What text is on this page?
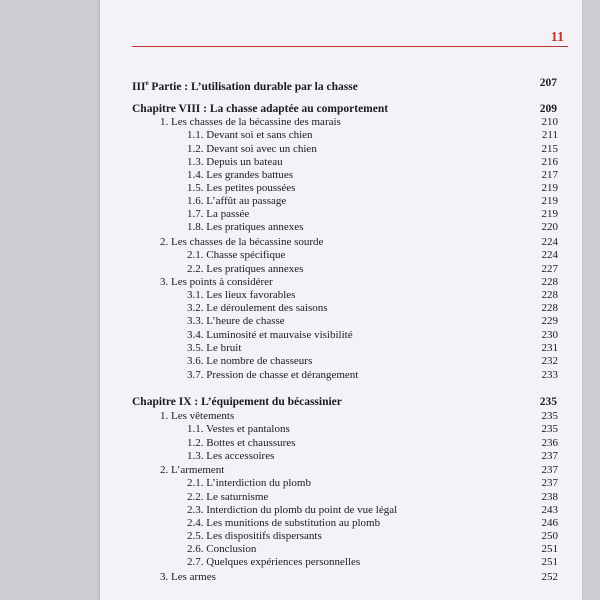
11
IIIe Partie : L’utilisation durable par la chasse	207
Chapitre VIII : La chasse adaptée au comportement	209
1. Les chasses de la bécassine des marais	210
1.1. Devant soi et sans chien	211
1.2. Devant soi avec un chien	215
1.3. Depuis un bateau	216
1.4. Les grandes battues	217
1.5. Les petites poussées	219
1.6. L’affût au passage	219
1.7. La passée	219
1.8. Les pratiques annexes	220
2. Les chasses de la bécassine sourde	224
2.1. Chasse spécifique	224
2.2. Les pratiques annexes	227
3. Les points à considérer	228
3.1. Les lieux favorables	228
3.2. Le déroulement des saisons	228
3.3. L’heure de chasse	229
3.4. Luminosité et mauvaise visibilité	230
3.5. Le bruit	231
3.6. Le nombre de chasseurs	232
3.7. Pression de chasse et dérangement	233
Chapitre IX : L’équipement du bécassinier	235
1. Les vêtements	235
1.1. Vestes et pantalons	235
1.2. Bottes et chaussures	236
1.3. Les accessoires	237
2. L’armement	237
2.1. L’interdiction du plomb	237
2.2. Le saturnisme	238
2.3. Interdiction du plomb du point de vue légal	243
2.4. Les munitions de substitution au plomb	246
2.5. Les dispositifs dispersants	250
2.6. Conclusion	251
2.7. Quelques expériences personnelles	251
3. Les armes	252
